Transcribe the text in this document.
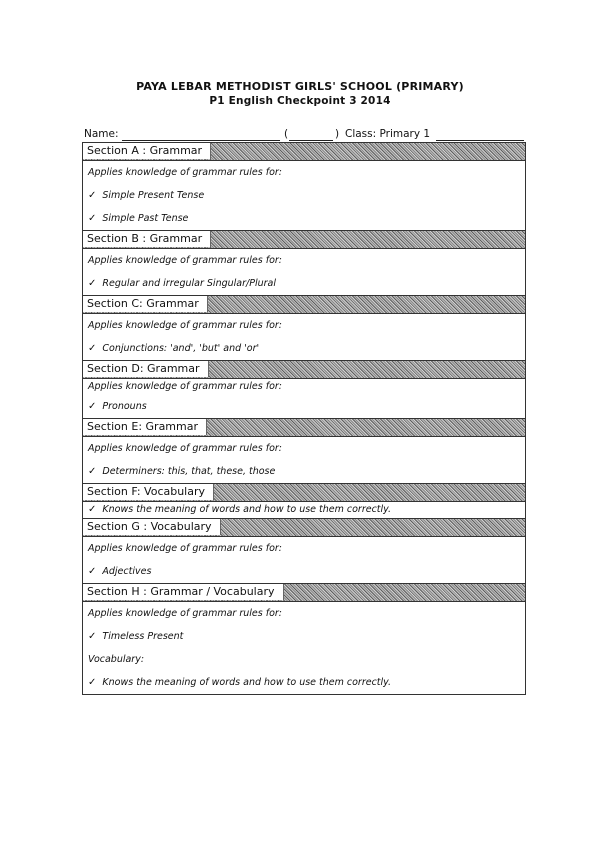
PAYA LEBAR METHODIST GIRLS' SCHOOL (PRIMARY)
P1 English Checkpoint 3 2014
Name:	(	) Class: Primary 1
Section A : Grammar
Applies knowledge of grammar rules for:
✓ Simple Present Tense
✓ Simple Past Tense
Section B : Grammar
Applies knowledge of grammar rules for:
✓ Regular and irregular Singular/Plural
Section C: Grammar
Applies knowledge of grammar rules for:
✓ Conjunctions: 'and', 'but' and 'or'
Section D: Grammar
Applies knowledge of grammar rules for:
✓ Pronouns
Section E: Grammar
Applies knowledge of grammar rules for:
✓ Determiners: this, that, these, those
Section F: Vocabulary
✓ Knows the meaning of words and how to use them correctly.
Section G : Vocabulary
Applies knowledge of grammar rules for:
✓ Adjectives
Section H : Grammar / Vocabulary
Applies knowledge of grammar rules for:
✓ Timeless Present
Vocabulary:
✓ Knows the meaning of words and how to use them correctly.
